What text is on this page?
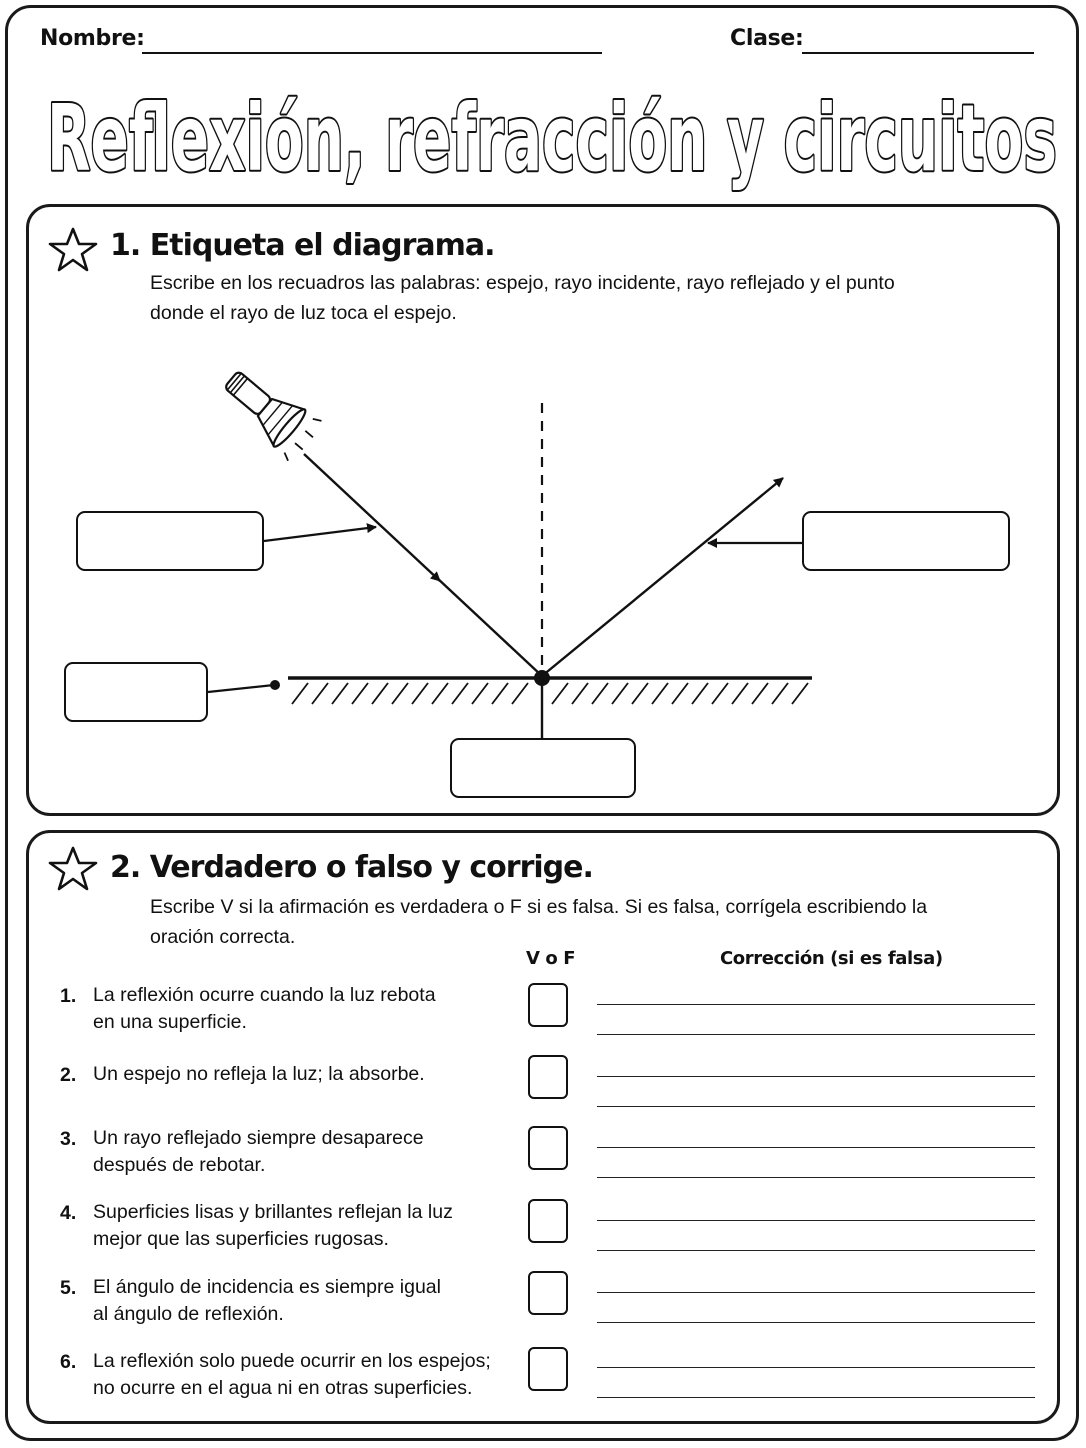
Nombre:	Clase:
Reflexión, refracción y circuitos
1. Etiqueta el diagrama.
Escribe en los recuadros las palabras: espejo, rayo incidente, rayo reflejado y el punto
donde el rayo de luz toca el espejo.
2. Verdadero o falso y corrige.
Escribe V si la afirmación es verdadera o F si es falsa. Si es falsa, corrígela escribiendo la
oración correcta.
V o F	Corrección (si es falsa)
1. La reflexión ocurre cuando la luz rebota
en una superficie.
2. Un espejo no refleja la luz; la absorbe.
3. Un rayo reflejado siempre desaparece
después de rebotar.
4. Superficies lisas y brillantes reflejan la luz
mejor que las superficies rugosas.
5. El ángulo de incidencia es siempre igual
al ángulo de reflexión.
6. La reflexión solo puede ocurrir en los espejos;
no ocurre en el agua ni en otras superficies.
